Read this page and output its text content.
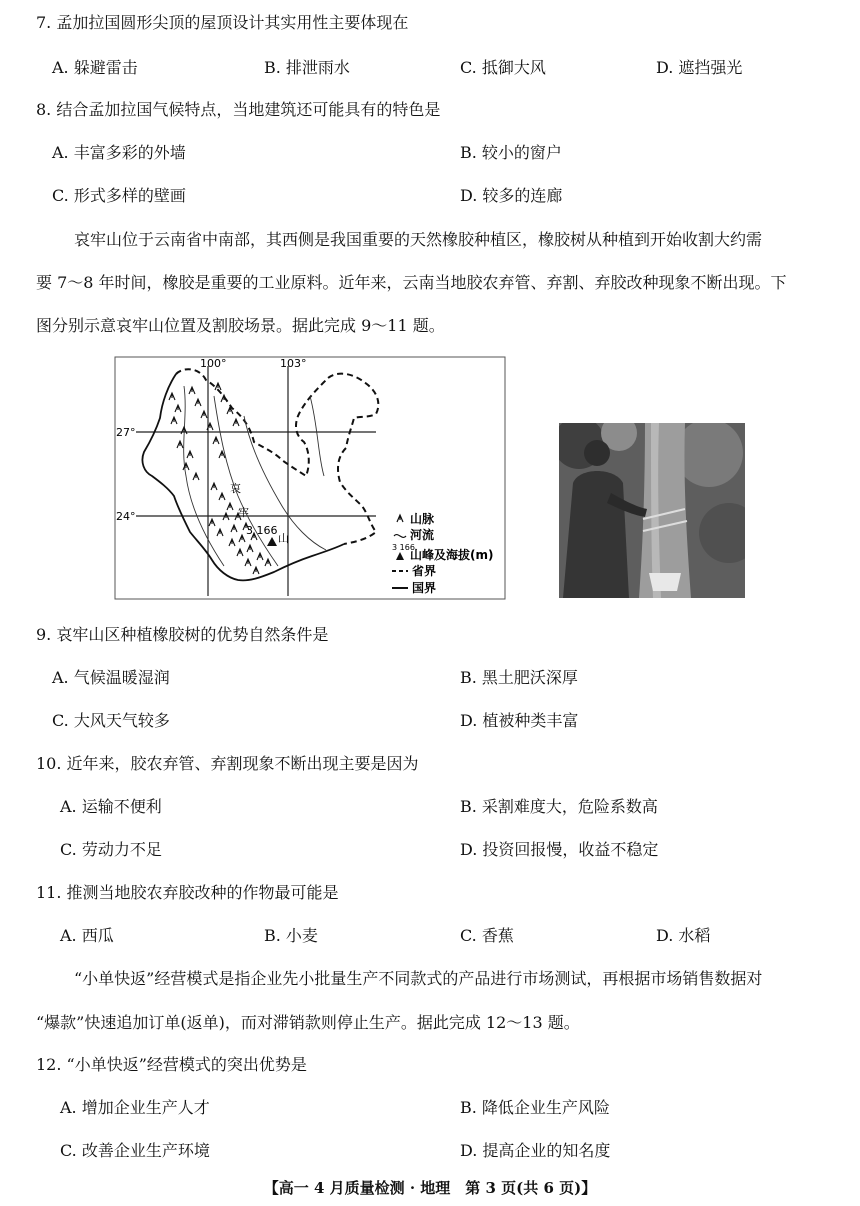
7. 孟加拉国圆形尖顶的屋顶设计其实用性主要体现在
A. 躲避雷击	B. 排泄雨水	C. 抵御大风	D. 遮挡强光
8. 结合孟加拉国气候特点，当地建筑还可能具有的特色是
A. 丰富多彩的外墙	B. 较小的窗户
C. 形式多样的壁画	D. 较多的连廊
哀牢山位于云南省中南部，其西侧是我国重要的天然橡胶种植区，橡胶树从种植到开始收割大约需
要 7～8 年时间，橡胶是重要的工业原料。近年来，云南当地胶农弃管、弃割、弃胶改种现象不断出现。下
图分别示意哀牢山位置及割胶场景。据此完成 9～11 题。
3 166
哀
牢
山
100°	103°
27°
24°	山脉
河流
3 166
山峰及海拔(m)
省界
国界
9. 哀牢山区种植橡胶树的优势自然条件是
A. 气候温暖湿润	B. 黑土肥沃深厚
C. 大风天气较多	D. 植被种类丰富
10. 近年来，胶农弃管、弃割现象不断出现主要是因为
A. 运输不便利	B. 采割难度大，危险系数高
C. 劳动力不足	D. 投资回报慢，收益不稳定
11. 推测当地胶农弃胶改种的作物最可能是
A. 西瓜	B. 小麦	C. 香蕉	D. 水稻
“小单快返”经营模式是指企业先小批量生产不同款式的产品进行市场测试，再根据市场销售数据对
“爆款”快速追加订单(返单)，而对滞销款则停止生产。据此完成 12～13 题。
12. “小单快返”经营模式的突出优势是
A. 增加企业生产人才	B. 降低企业生产风险
C. 改善企业生产环境	D. 提高企业的知名度
【高一 4 月质量检测 · 地理　第 3 页(共 6 页)】
